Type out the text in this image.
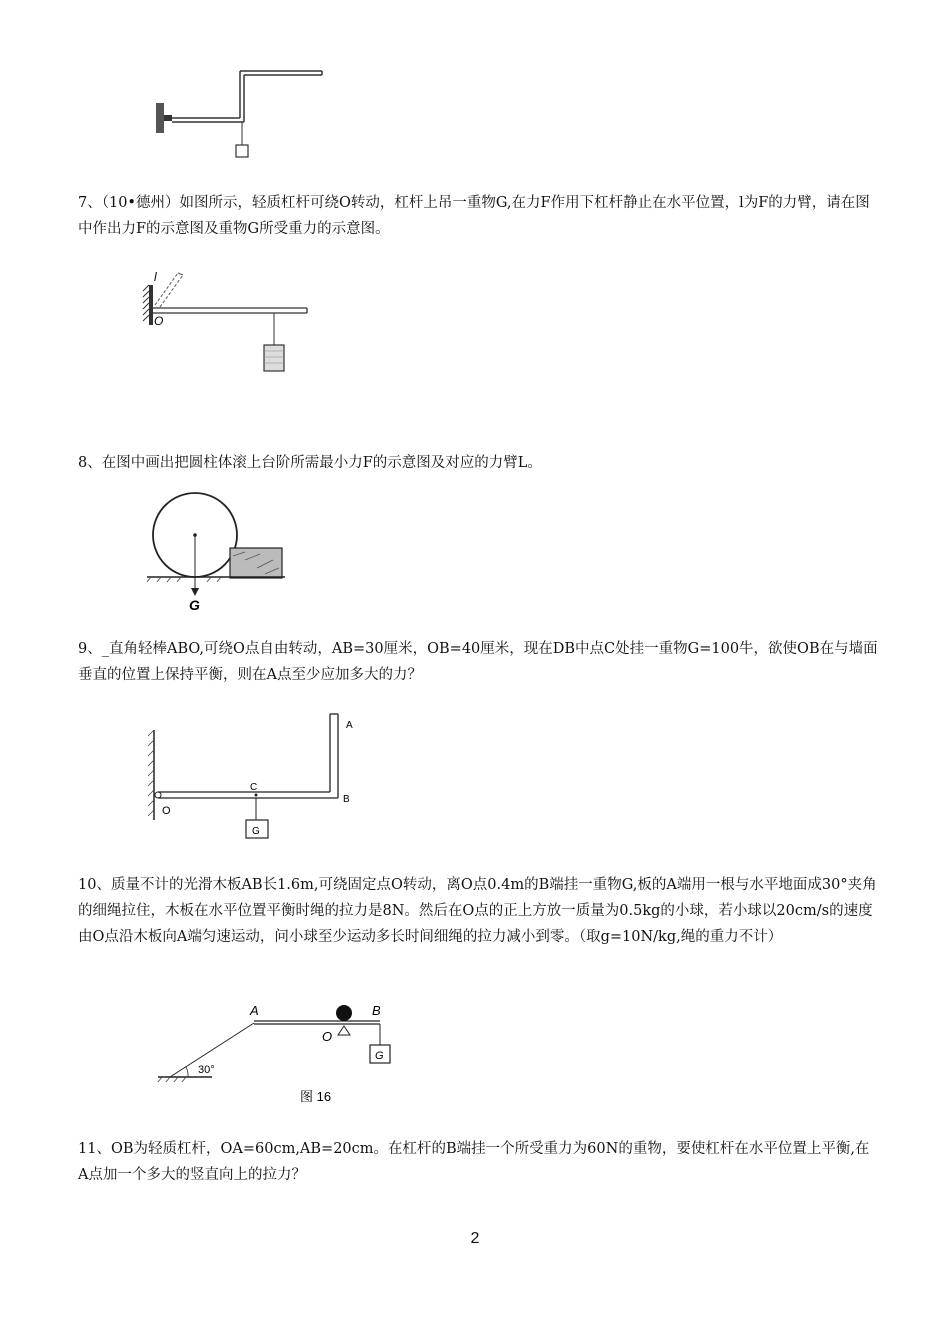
7、（10•德州）如图所示，轻质杠杆可绕O转动，杠杆上吊一重物G,在力F作用下杠杆静止在水平位置，l为F的力臂，请在图中作出力F的示意图及重物G所受重力的示意图。

l
O

8、在图中画出把圆柱体滚上台阶所需最小力F的示意图及对应的力臂L。

G

9、_直角轻棒ABO,可绕O点自由转动，AB=30厘米，OB=40厘米，现在DB中点C处挂一重物G=100牛，欲使OB在与墙面垂直的位置上保持平衡，则在A点至少应加多大的力？

A
B
C
O
G

10、质量不计的光滑木板AB长1.6m,可绕固定点O转动，离O点0.4m的B端挂一重物G,板的A端用一根与水平地面成30°夹角的细绳拉住，木板在水平位置平衡时绳的拉力是8N。然后在O点的正上方放一质量为0.5kg的小球，若小球以20cm/s的速度由O点沿木板向A端匀速运动，问小球至少运动多长时间细绳的拉力减小到零。（取g=10N/kg,绳的重力不计）

30°
A
O
B
G
图 16

11、OB为轻质杠杆，OA=60cm,AB=20cm。在杠杆的B端挂一个所受重力为60N的重物，要使杠杆在水平位置上平衡,在A点加一个多大的竖直向上的拉力？

2
